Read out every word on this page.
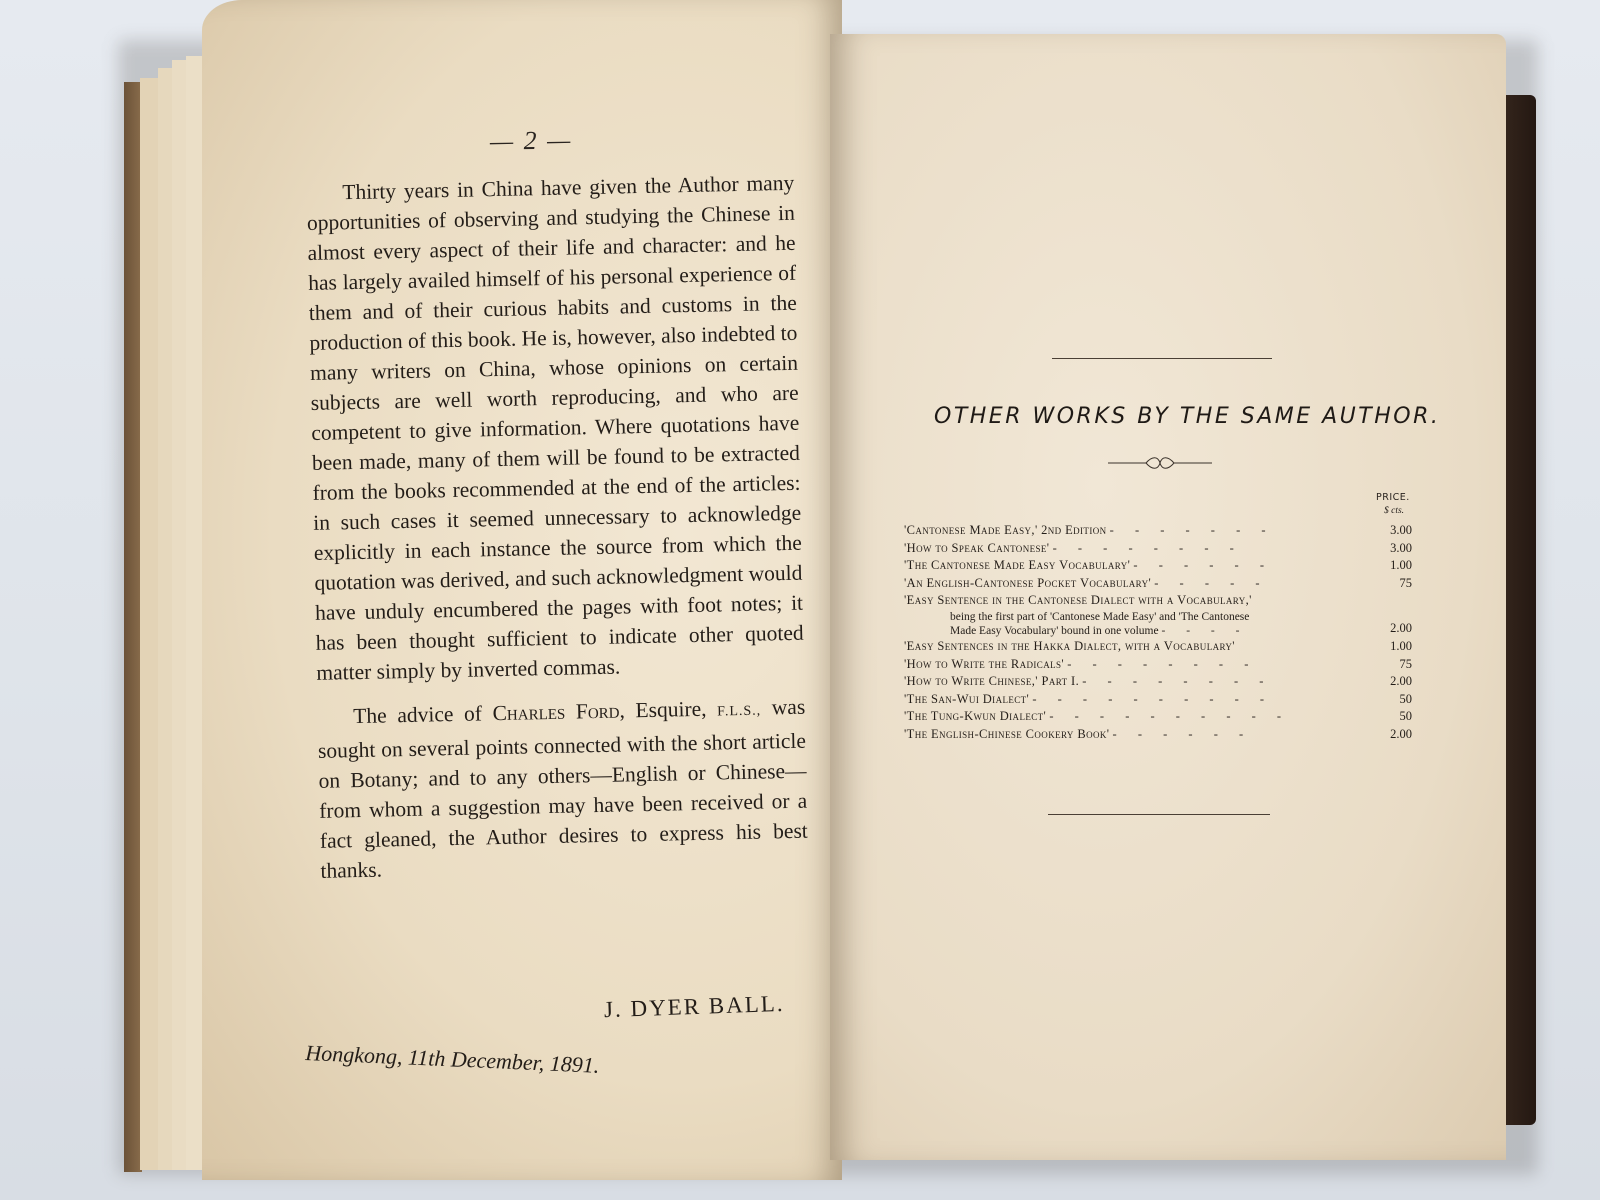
— 2 —

Thirty years in China have given the Author many opportunities of observing and studying the Chinese in almost every aspect of their life and character: and he has largely availed himself of his personal experience of them and of their curious habits and customs in the production of this book. He is, however, also indebted to many writers on China, whose opinions on certain subjects are well worth reproducing, and who are competent to give information. Where quotations have been made, many of them will be found to be extracted from the books recommended at the end of the articles: in such cases it seemed unnecessary to acknowledge explicitly in each instance the source from which the quotation was derived, and such acknowledgment would have unduly encumbered the pages with foot notes; it has been thought sufficient to indicate other quoted matter simply by inverted commas.

The advice of Charles Ford, Esquire, F.L.S., was sought on several points connected with the short article on Botany; and to any others—English or Chinese—from whom a suggestion may have been received or a fact gleaned, the Author desires to express his best thanks.

J. DYER BALL.
Hongkong, 11th December, 1891.
OTHER WORKS BY THE SAME AUTHOR.
PRICE.
$ cts.
'Cantonese Made Easy,' 2nd Edition - - - - - - -	3.00
'How to Speak Cantonese' - - - - - - - -	3.00
'The Cantonese Made Easy Vocabulary' - - - - - -	1.00
'An English-Cantonese Pocket Vocabulary' - - - - -	75
'Easy Sentence in the Cantonese Dialect with a Vocabulary,'
being the first part of 'Cantonese Made Easy' and 'The Cantonese
Made Easy Vocabulary' bound in one volume - - - -	2.00
'Easy Sentences in the Hakka Dialect, with a Vocabulary'	1.00
'How to Write the Radicals' - - - - - - - -	75
'How to Write Chinese,' Part I. - - - - - - - -	2.00
'The San-Wui Dialect' - - - - - - - - - -	50
'The Tung-Kwun Dialect' - - - - - - - - - -	50
'The English-Chinese Cookery Book' - - - - - -	2.00
